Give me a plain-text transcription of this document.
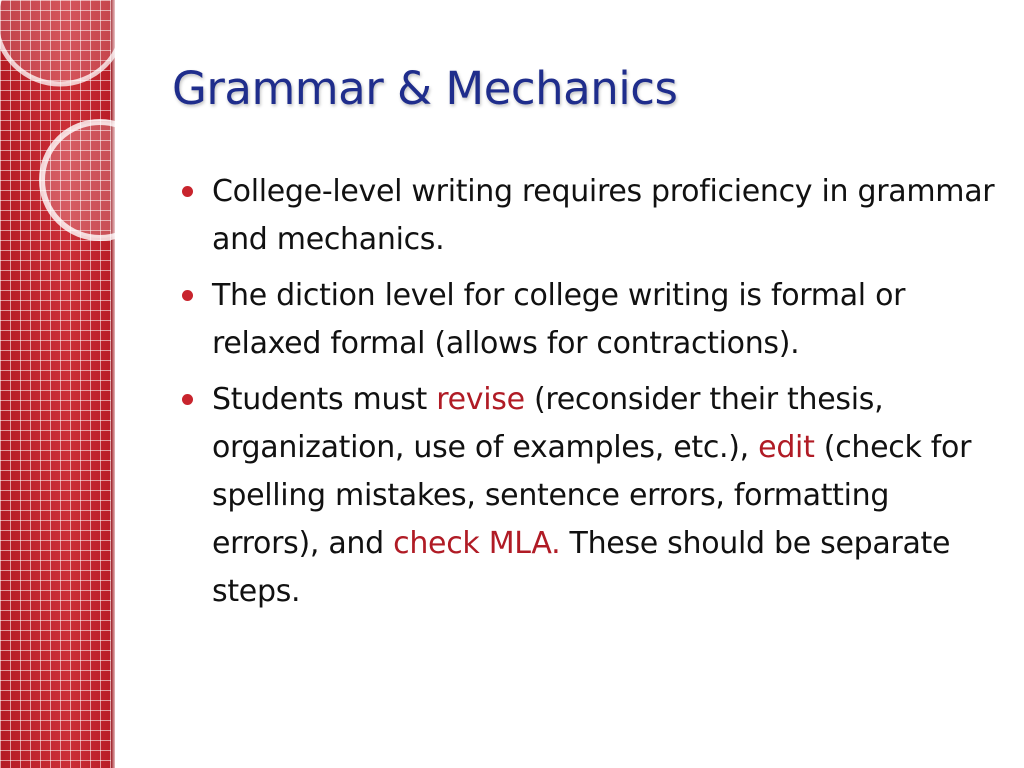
Grammar & Mechanics
College-level writing requires proficiency in grammar and mechanics.
The diction level for college writing is formal or relaxed formal (allows for contractions).
Students must revise (reconsider their thesis, organization, use of examples, etc.), edit (check for spelling mistakes, sentence errors, formatting errors), and check MLA. These should be separate steps.
